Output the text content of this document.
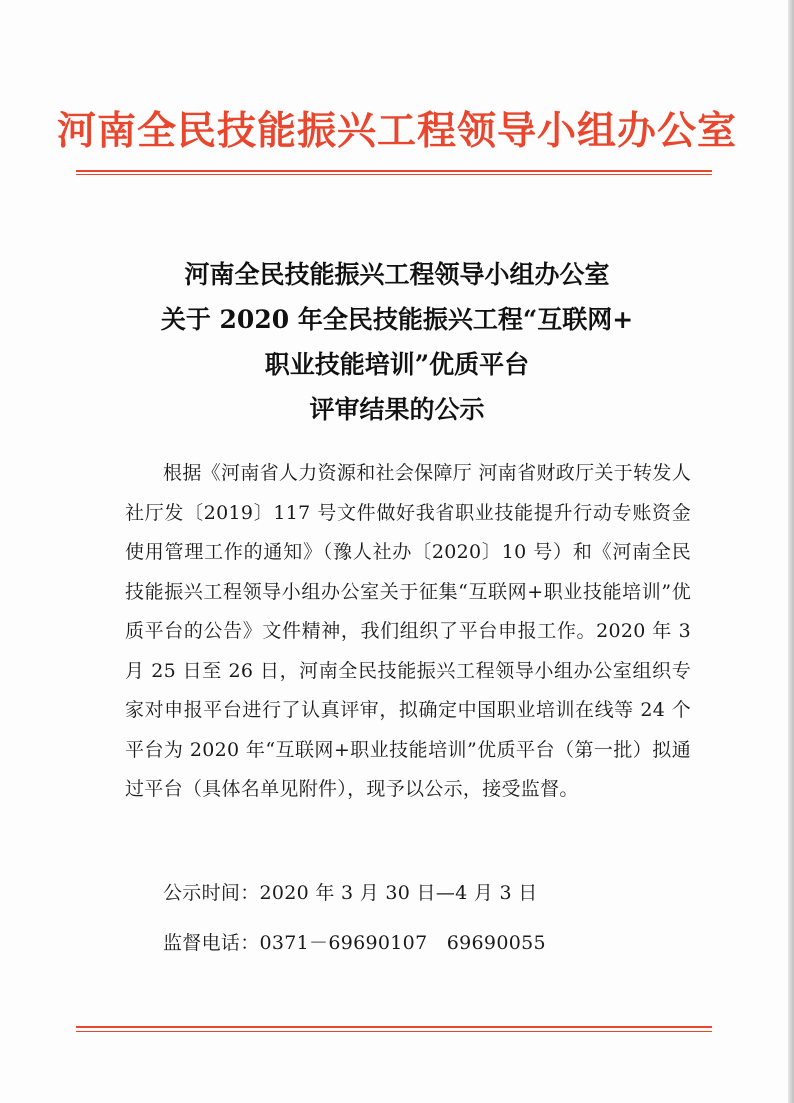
河南全民技能振兴工程领导小组办公室
河南全民技能振兴工程领导小组办公室
关于 2020 年全民技能振兴工程“互联网+
职业技能培训”优质平台
评审结果的公示

根据《河南省人力资源和社会保障厅 河南省财政厅关于转发人社厅发〔2019〕117 号文件做好我省职业技能提升行动专账资金使用管理工作的通知》（豫人社办〔2020〕10 号）和《河南全民技能振兴工程领导小组办公室关于征集“互联网+职业技能培训”优质平台的公告》文件精神，我们组织了平台申报工作。2020 年 3 月 25 日至 26 日，河南全民技能振兴工程领导小组办公室组织专家对申报平台进行了认真评审，拟确定中国职业培训在线等 24 个平台为 2020 年“互联网+职业技能培训”优质平台（第一批）拟通过平台（具体名单见附件），现予以公示，接受监督。

公示时间：2020 年 3 月 30 日—4 月 3 日
监督电话：0371－69690107　69690055
